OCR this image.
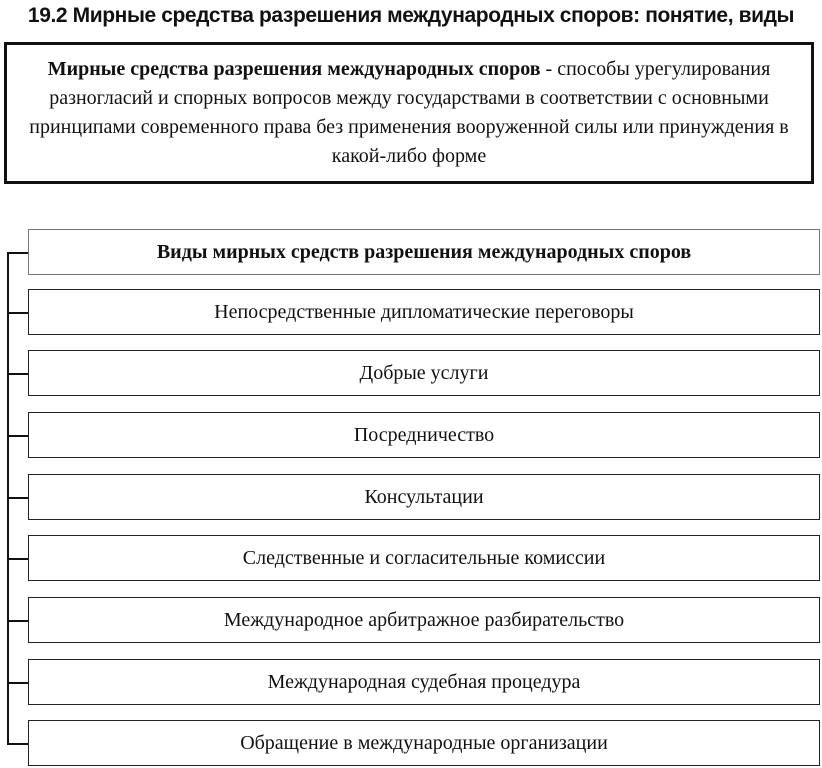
19.2 Мирные средства разрешения международных споров: понятие, виды
Мирные средства разрешения международных споров - способы урегулирования разногласий и спорных вопросов между государствами в соответствии с основными принципами современного права без применения вооруженной силы или принуждения в какой-либо форме
Виды мирных средств разрешения международных споров
Непосредственные дипломатические переговоры
Добрые услуги
Посредничество
Консультации
Следственные и согласительные комиссии
Международное арбитражное разбирательство
Международная судебная процедура
Обращение в международные организации
